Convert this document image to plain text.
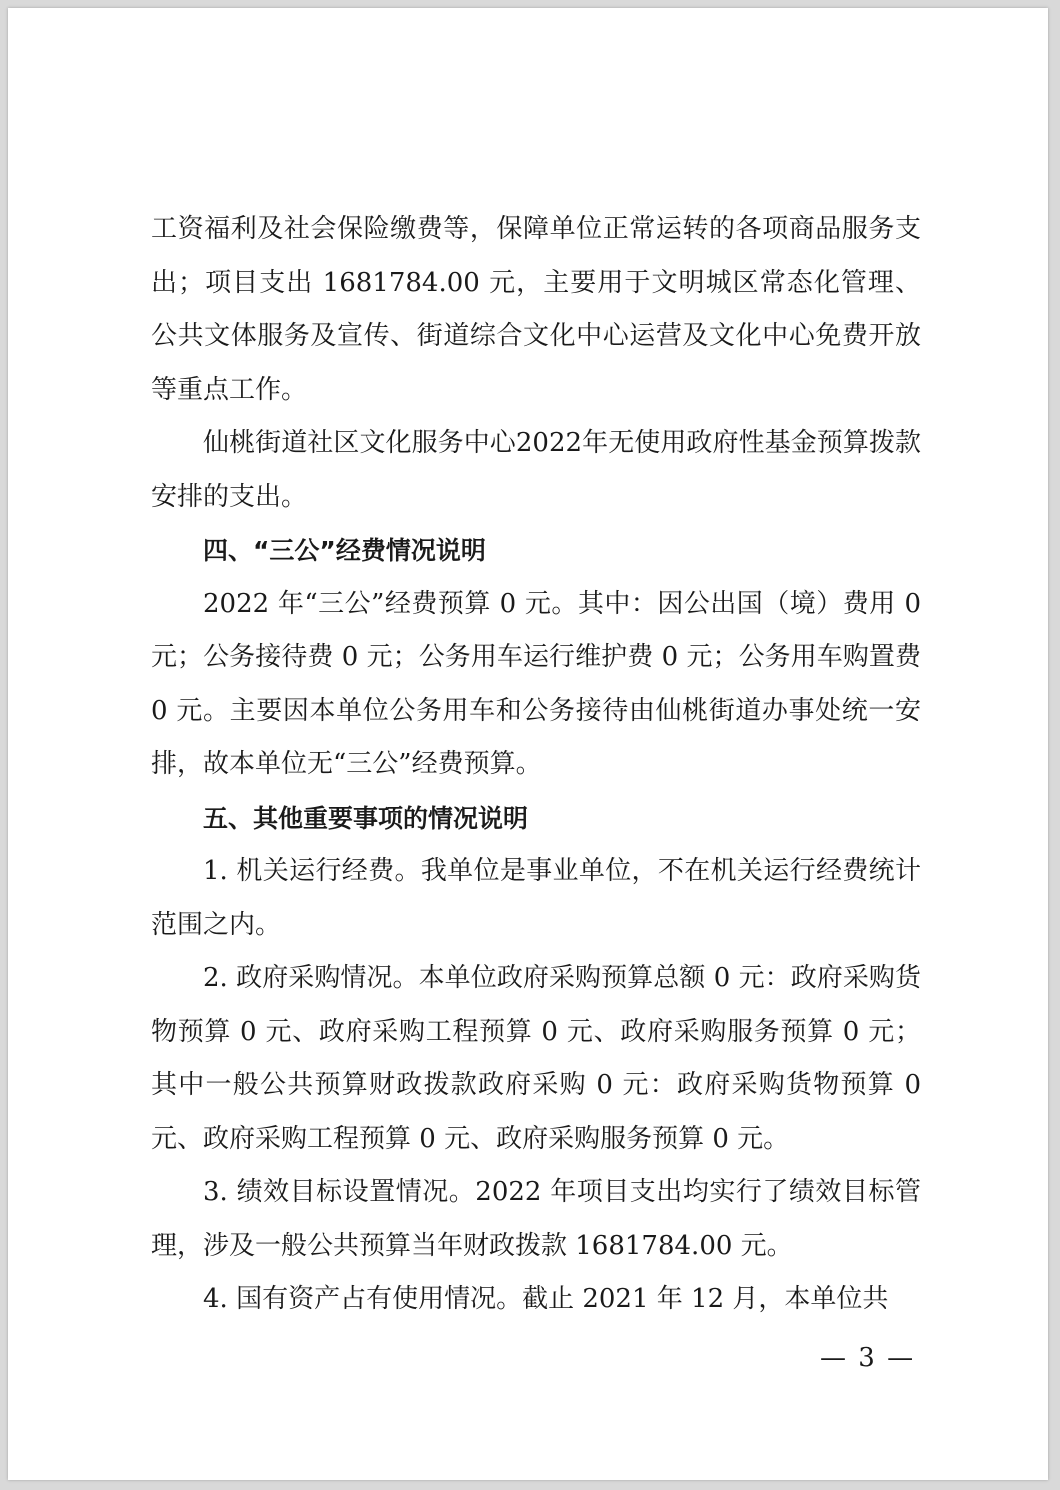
工资福利及社会保险缴费等，保障单位正常运转的各项商品服务支出；项目支出 1681784.00 元，主要用于文明城区常态化管理、公共文体服务及宣传、街道综合文化中心运营及文化中心免费开放等重点工作。

仙桃街道社区文化服务中心2022年无使用政府性基金预算拨款安排的支出。

四、“三公”经费情况说明

2022 年“三公”经费预算 0 元。其中：因公出国（境）费用 0 元；公务接待费 0 元；公务用车运行维护费 0 元；公务用车购置费 0 元。主要因本单位公务用车和公务接待由仙桃街道办事处统一安排，故本单位无“三公”经费预算。

五、其他重要事项的情况说明

1. 机关运行经费。我单位是事业单位，不在机关运行经费统计范围之内。

2. 政府采购情况。本单位政府采购预算总额 0 元：政府采购货物预算 0 元、政府采购工程预算 0 元、政府采购服务预算 0 元；其中一般公共预算财政拨款政府采购 0 元：政府采购货物预算 0 元、政府采购工程预算 0 元、政府采购服务预算 0 元。

3. 绩效目标设置情况。2022 年项目支出均实行了绩效目标管理，涉及一般公共预算当年财政拨款 1681784.00 元。

4. 国有资产占有使用情况。截止 2021 年 12 月，本单位共

— 3 —
